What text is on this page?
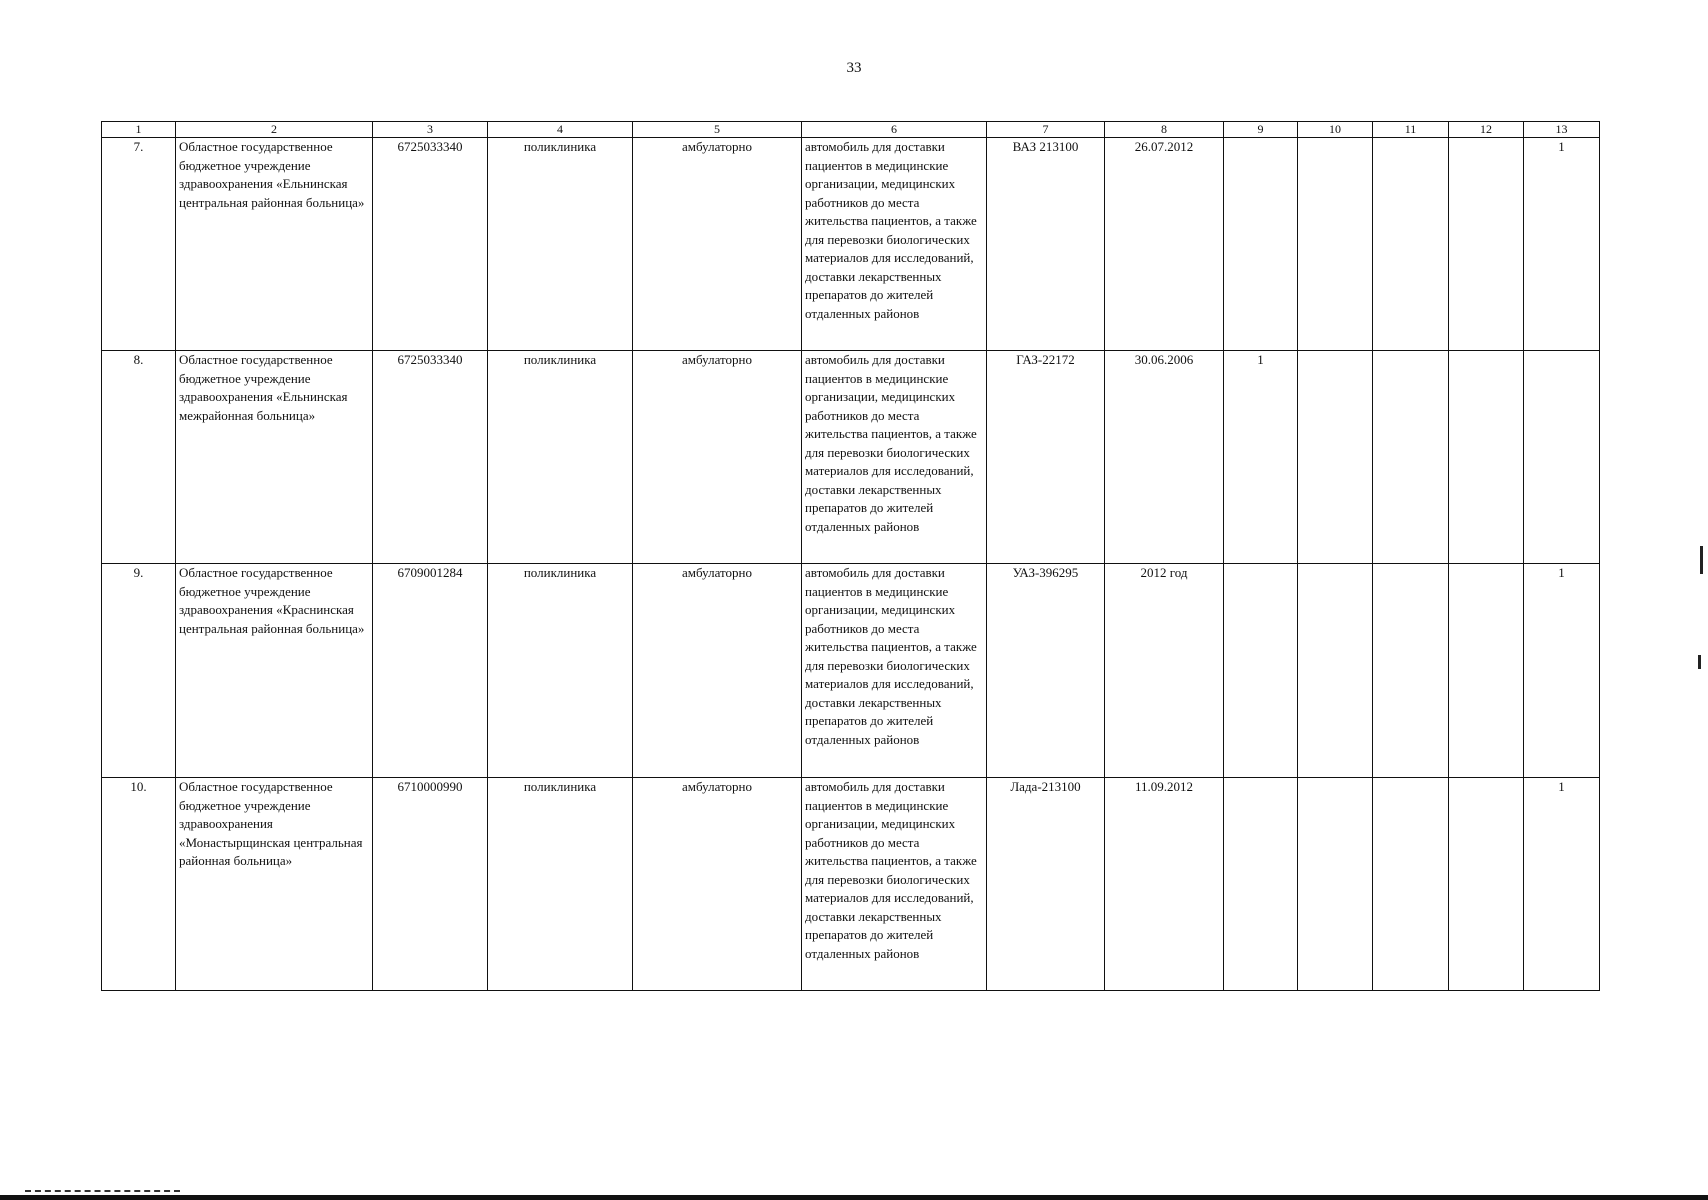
33
1	2	3	4	5	6	7	8	9	10	11	12	13
7.	Областное государственное бюджетное учреждение здравоохранения «Ельнинская центральная районная больница»	6725033340	поликлиника	амбулаторно	автомобиль для доставки пациентов в медицинские организации, медицинских работников до места жительства пациентов, а также для перевозки биологических материалов для исследований, доставки лекарственных препаратов до жителей отдаленных районов	ВАЗ 213100	26.07.2012					1
8.	Областное государственное бюджетное учреждение здравоохранения «Ельнинская межрайонная больница»	6725033340	поликлиника	амбулаторно	автомобиль для доставки пациентов в медицинские организации, медицинских работников до места жительства пациентов, а также для перевозки биологических материалов для исследований, доставки лекарственных препаратов до жителей отдаленных районов	ГАЗ-22172	30.06.2006	1				
9.	Областное государственное бюджетное учреждение здравоохранения «Краснинская центральная районная больница»	6709001284	поликлиника	амбулаторно	автомобиль для доставки пациентов в медицинские организации, медицинских работников до места жительства пациентов, а также для перевозки биологических материалов для исследований, доставки лекарственных препаратов до жителей отдаленных районов	УАЗ-396295	2012 год					1
10.	Областное государственное бюджетное учреждение здравоохранения «Монастырщинская центральная районная больница»	6710000990	поликлиника	амбулаторно	автомобиль для доставки пациентов в медицинские организации, медицинских работников до места жительства пациентов, а также для перевозки биологических материалов для исследований, доставки лекарственных препаратов до жителей отдаленных районов	Лада-213100	11.09.2012					1
